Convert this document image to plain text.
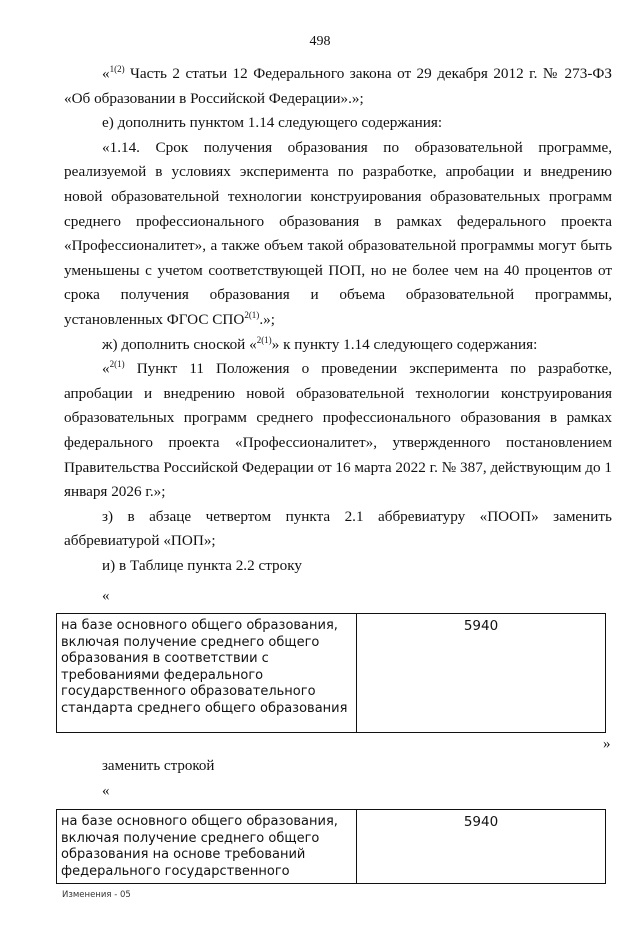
498

«$^{1(2)}$ Часть 2 статьи 12 Федерального закона от 29 декабря 2012 г. № 273-ФЗ «Об образовании в Российской Федерации».»;

е) дополнить пунктом 1.14 следующего содержания:

«1.14. Срок получения образования по образовательной программе, реализуемой в условиях эксперимента по разработке, апробации и внедрению новой образовательной технологии конструирования образовательных программ среднего профессионального образования в рамках федерального проекта «Профессионалитет», а также объем такой образовательной программы могут быть уменьшены с учетом соответствующей ПОП, но не более чем на 40 процентов от срока получения образования и объема образовательной программы, установленных ФГОС $СПО^{2(1)}$.»;

ж) дополнить сноской «$^{2(1)}$» к пункту 1.14 следующего содержания:

«$^{2(1)}$ Пункт 11 Положения о проведении эксперимента по разработке, апробации и внедрению новой образовательной технологии конструирования образовательных программ среднего профессионального образования в рамках федерального проекта «Профессионалитет», утвержденного постановлением Правительства Российской Федерации от 16 марта 2022 г. № 387, действующим до 1 января 2026 г.»;

з) в абзаце четвертом пункта 2.1 аббревиатуру «ПООП» заменить аббревиатурой «ПОП»;

и) в Таблице пункта 2.2 строку

«
на базе основного общего образования, включая получение среднего общего образования в соответствии с требованиями федерального государственного образовательного стандарта среднего общего образования
5940
»
заменить строкой
«
на базе основного общего образования, включая получение среднего общего образования на основе требований федерального государственного
5940
Изменения - 05
